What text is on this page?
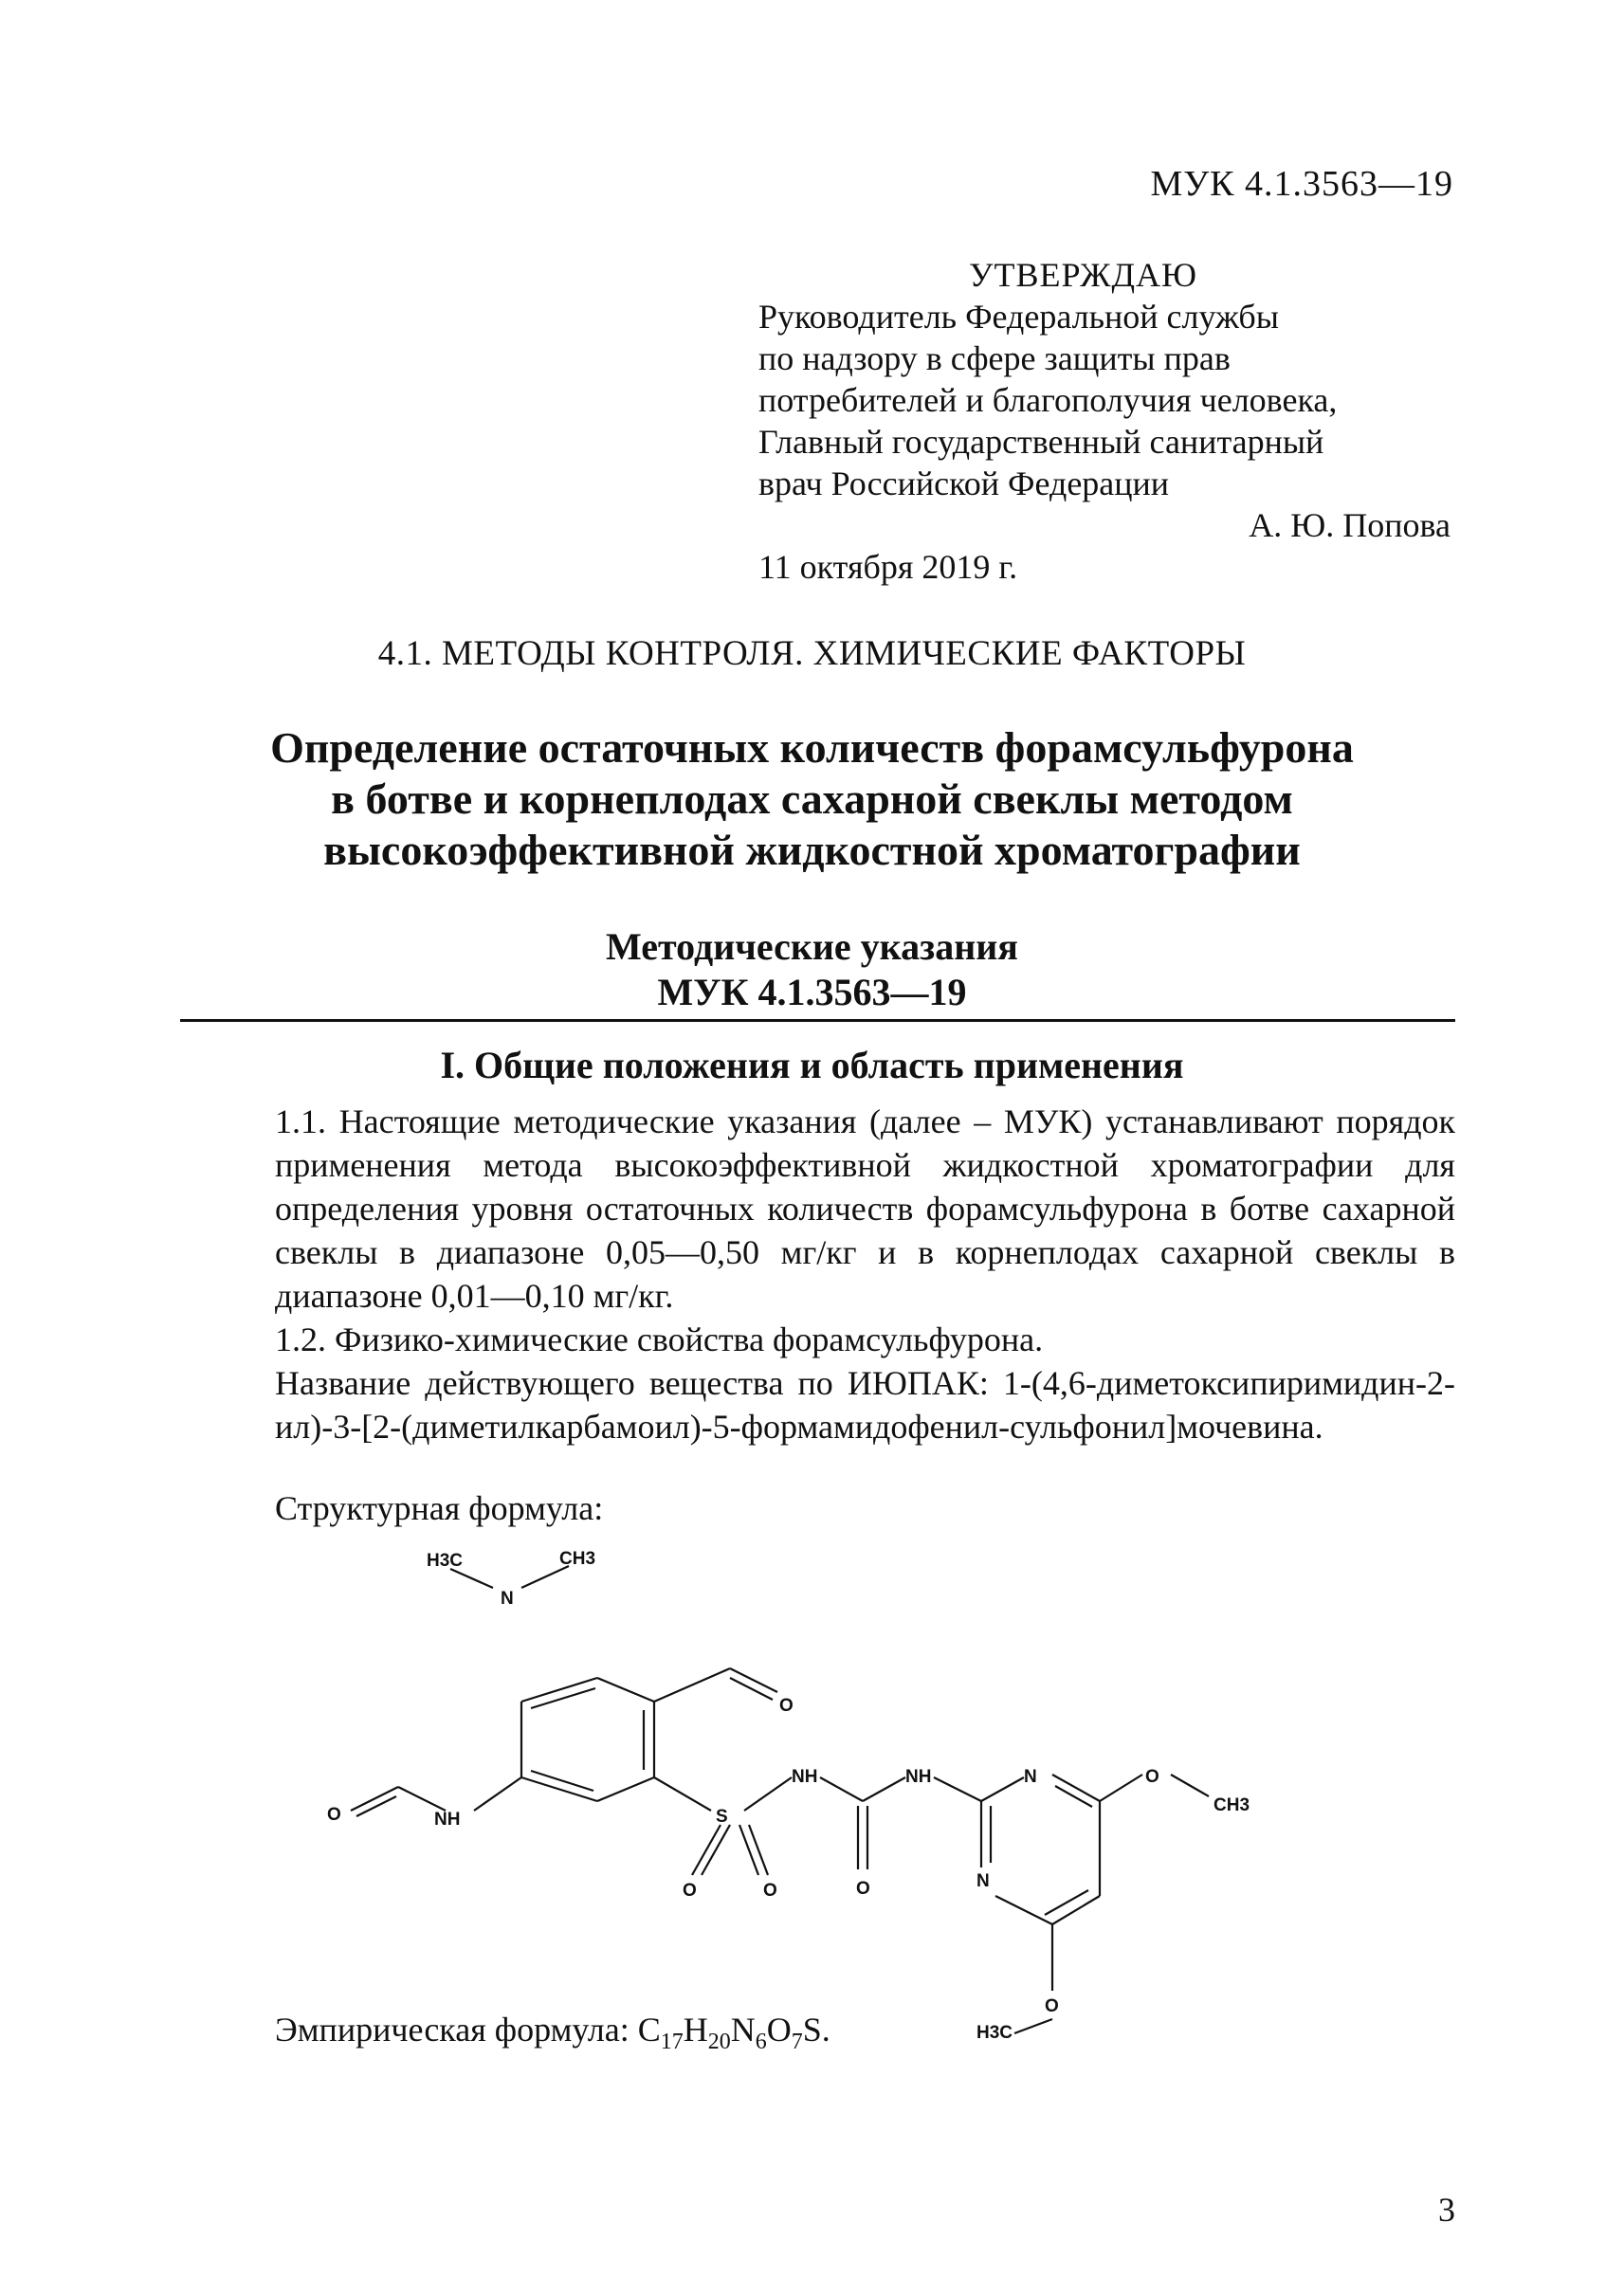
МУК 4.1.3563—19
УТВЕРЖДАЮ
Руководитель Федеральной службы
по надзору в сфере защиты прав
потребителей и благополучия человека,
Главный государственный санитарный
врач Российской Федерации
А. Ю. Попова
11 октября 2019 г.
4.1. МЕТОДЫ КОНТРОЛЯ. ХИМИЧЕСКИЕ ФАКТОРЫ
Определение остаточных количеств форамсульфурона
в ботве и корнеплодах сахарной свеклы методом
высокоэффективной жидкостной хроматографии
Методические указания
МУК 4.1.3563—19
I. Общие положения и область применения

1.1. Настоящие методические указания (далее – МУК) устанавливают порядок применения метода высокоэффективной жидкостной хроматографии для определения уровня остаточных количеств форамсульфурона в ботве сахарной свеклы в диапазоне 0,05—0,50 мг/кг и в корнеплодах сахарной свеклы в диапазоне 0,01—0,10 мг/кг.

1.2. Физико-химические свойства форамсульфурона.

Название действующего вещества по ИЮПАК: 1-(4,6-диметоксипиримидин-2-ил)-3-[2-(диметилкарбамоил)-5-формамидофенил-сульфонил]мочевина.

Структурная формула:
H3C	CH3
N
O
O	NH	S
O	O
NH	NH
O
N
N
O
CH3
O
H3C
Эмпирическая формула: $C_{17}H_{20}N_6O_7S$.
3
